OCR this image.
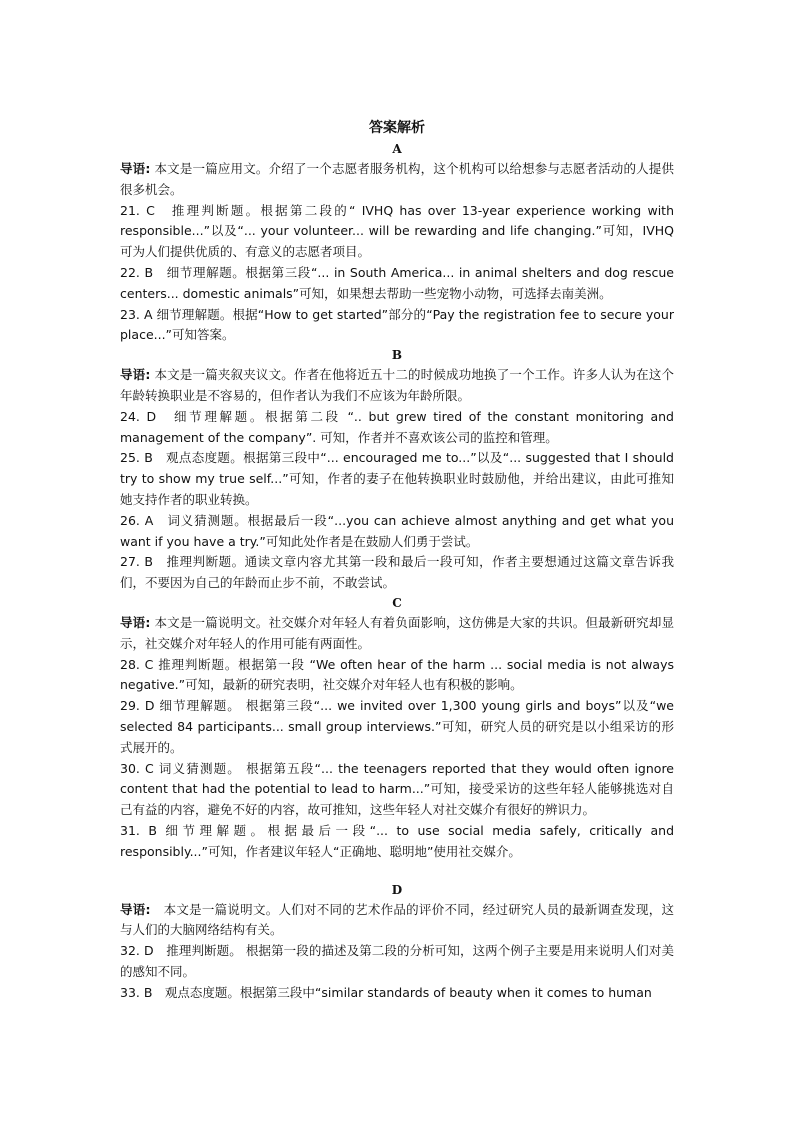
答案解析

A

导语: 本文是一篇应用文。介绍了一个志愿者服务机构，这个机构可以给想参与志愿者活动的人提供很多机会。

21. C　推理判断题。根据第二段的“ IVHQ has over 13-year experience working with responsible...”以及“... your volunteer... will be rewarding and life changing.”可知，IVHQ 可为人们提供优质的、有意义的志愿者项目。

22. B　细节理解题。根据第三段“... in South America... in animal shelters and dog rescue centers... domestic animals”可知，如果想去帮助一些宠物小动物，可选择去南美洲。

23. A 细节理解题。根据“How to get started”部分的“Pay the registration fee to secure your place...”可知答案。

B

导语: 本文是一篇夹叙夹议文。作者在他将近五十二的时候成功地换了一个工作。许多人认为在这个年龄转换职业是不容易的，但作者认为我们不应该为年龄所限。

24. D　细节理解题。根据第二段 “.. but grew tired of the constant monitoring and management of the company”. 可知，作者并不喜欢该公司的监控和管理。

25. B　观点态度题。根据第三段中“... encouraged me to...”以及“... suggested that I should try to show my true self...”可知，作者的妻子在他转换职业时鼓励他，并给出建议，由此可推知她支持作者的职业转换。

26. A　词义猜测题。根据最后一段“...you can achieve almost anything and get what you want if you have a try.”可知此处作者是在鼓励人们勇于尝试。

27. B　推理判断题。通读文章内容尤其第一段和最后一段可知，作者主要想通过这篇文章告诉我们，不要因为自己的年龄而止步不前，不敢尝试。

C

导语: 本文是一篇说明文。社交媒介对年轻人有着负面影响，这仿佛是大家的共识。但最新研究却显示，社交媒介对年轻人的作用可能有两面性。

28. C 推理判断题。根据第一段 “We often hear of the harm ... social media is not always negative.”可知，最新的研究表明，社交媒介对年轻人也有积极的影响。

29. D 细节理解题。 根据第三段“... we invited over 1,300 young girls and boys”以及“we selected 84 participants... small group interviews.”可知，研究人员的研究是以小组采访的形式展开的。

30. C 词义猜测题。 根据第五段“... the teenagers reported that they would often ignore content that had the potential to lead to harm...”可知，接受采访的这些年轻人能够挑选对自己有益的内容，避免不好的内容，故可推知，这些年轻人对社交媒介有很好的辨识力。

31. B 细节理解题。根据最后一段“... to use social media safely, critically and responsibly...”可知，作者建议年轻人“正确地、聪明地”使用社交媒介。

D

导语:　本文是一篇说明文。人们对不同的艺术作品的评价不同，经过研究人员的最新调查发现，这与人们的大脑网络结构有关。

32. D　推理判断题。 根据第一段的描述及第二段的分析可知，这两个例子主要是用来说明人们对美的感知不同。

33. B　观点态度题。根据第三段中“similar standards of beauty when it comes to human
